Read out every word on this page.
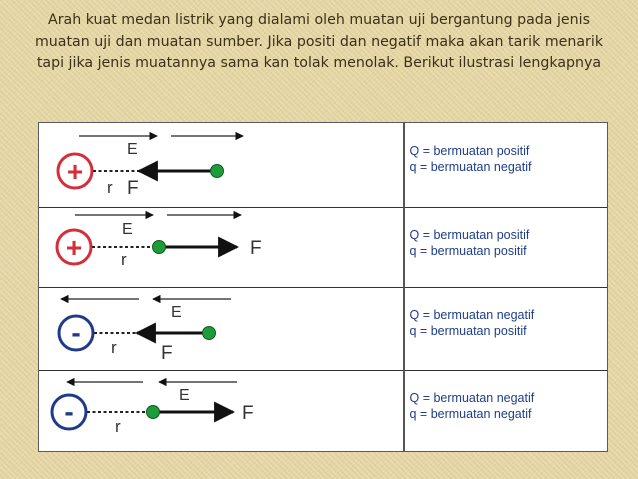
Arah kuat medan listrik yang dialami oleh muatan uji bergantung pada jenis muatan uji dan muatan sumber. Jika positi dan negatif maka akan tarik menarik tapi jika jenis muatannya sama kan tolak menolak. Berikut ilustrasi lengkapnya

E
+
r F
Q = bermuatan positif
q = bermuatan negatif
E
+ r
F
Q = bermuatan positif
q = bermuatan positif
E
- r F
Q = bermuatan negatif
q = bermuatan positif
E
- r
F
Q = bermuatan negatif
q = bermuatan negatif
